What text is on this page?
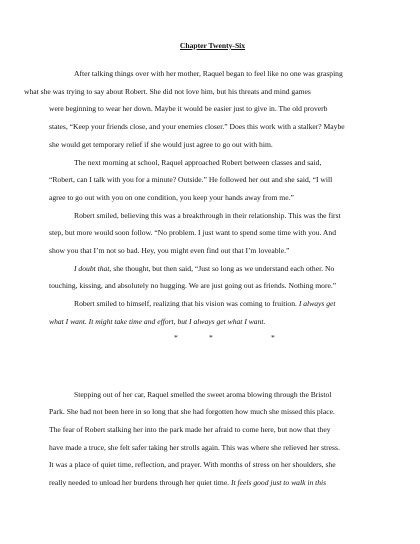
Chapter Twenty-Six

After talking things over with her mother, Raquel began to feel like no one was grasping
what she was trying to say about Robert. She did not love him, but his threats and mind games
were beginning to wear her down. Maybe it would be easier just to give in. The old proverb
states, “Keep your friends close, and your enemies closer.” Does this work with a stalker? Maybe
she would get temporary relief if she would just agree to go out with him.

The next morning at school, Raquel approached Robert between classes and said,
“Robert, can I talk with you for a minute? Outside.” He followed her out and she said, “I will
agree to go out with you on one condition, you keep your hands away from me.”

Robert smiled, believing this was a breakthrough in their relationship. This was the first
step, but more would soon follow. “No problem. I just want to spend some time with you. And
show you that I’m not so bad. Hey, you might even find out that I’m loveable.”

I doubt that, she thought, but then said, “Just so long as we understand each other. No
touching, kissing, and absolutely no hugging. We are just going out as friends. Nothing more.”

Robert smiled to himself, realizing that his vision was coming to fruition. I always get
what I want. It might take time and effort, but I always get what I want.

*	*	*

Stepping out of her car, Raquel smelled the sweet aroma blowing through the Bristol
Park. She had not been here in so long that she had forgotten how much she missed this place.
The fear of Robert stalking her into the park made her afraid to come here, but now that they
have made a truce, she felt safer taking her strolls again. This was where she relieved her stress.
It was a place of quiet time, reflection, and prayer. With months of stress on her shoulders, she
really needed to unload her burdens through her quiet time. It feels good just to walk in this
